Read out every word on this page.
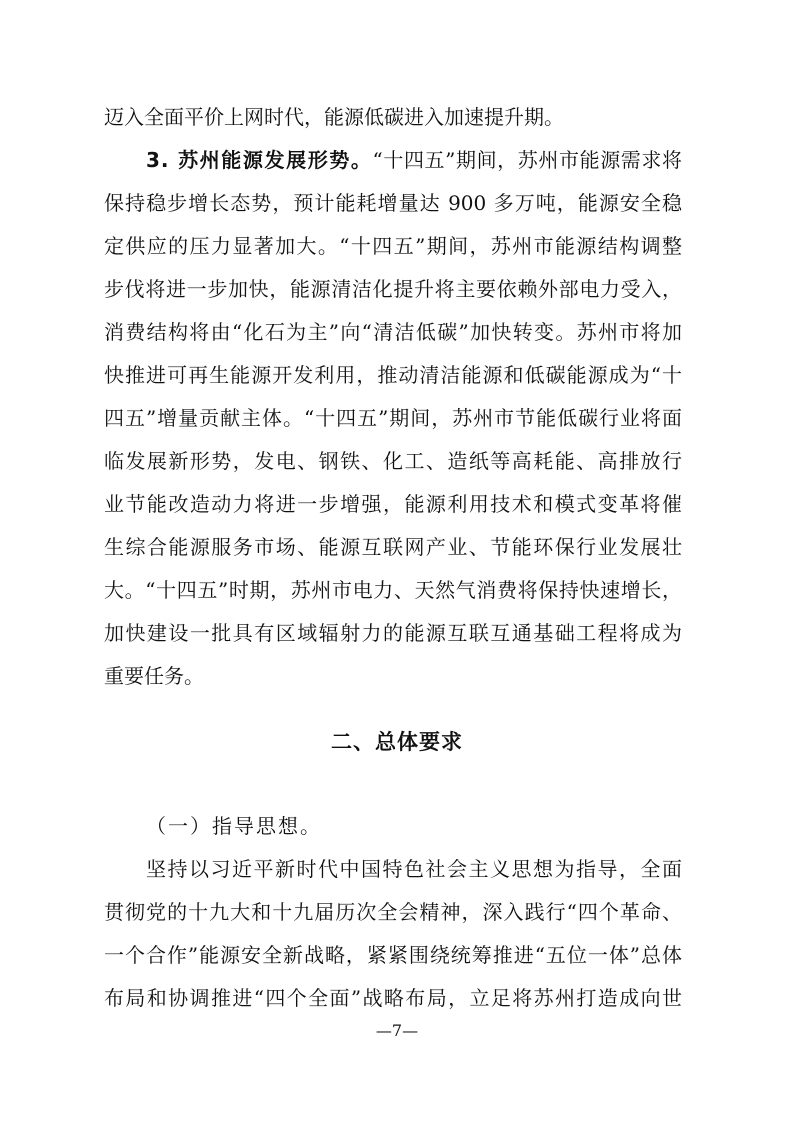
迈入全面平价上网时代，能源低碳进入加速提升期。
3. 苏州能源发展形势。“十四五”期间，苏州市能源需求将
保持稳步增长态势，预计能耗增量达 900 多万吨，能源安全稳
定供应的压力显著加大。“十四五”期间，苏州市能源结构调整
步伐将进一步加快，能源清洁化提升将主要依赖外部电力受入，
消费结构将由“化石为主”向“清洁低碳”加快转变。苏州市将加
快推进可再生能源开发利用，推动清洁能源和低碳能源成为“十
四五”增量贡献主体。“十四五”期间，苏州市节能低碳行业将面
临发展新形势，发电、钢铁、化工、造纸等高耗能、高排放行
业节能改造动力将进一步增强，能源利用技术和模式变革将催
生综合能源服务市场、能源互联网产业、节能环保行业发展壮
大。“十四五”时期，苏州市电力、天然气消费将保持快速增长，
加快建设一批具有区域辐射力的能源互联互通基础工程将成为
重要任务。
二、总体要求
（一）指导思想。
坚持以习近平新时代中国特色社会主义思想为指导，全面
贯彻党的十九大和十九届历次全会精神，深入践行“四个革命、
一个合作”能源安全新战略，紧紧围绕统筹推进“五位一体”总体
布局和协调推进“四个全面”战略布局，立足将苏州打造成向世
—7—
